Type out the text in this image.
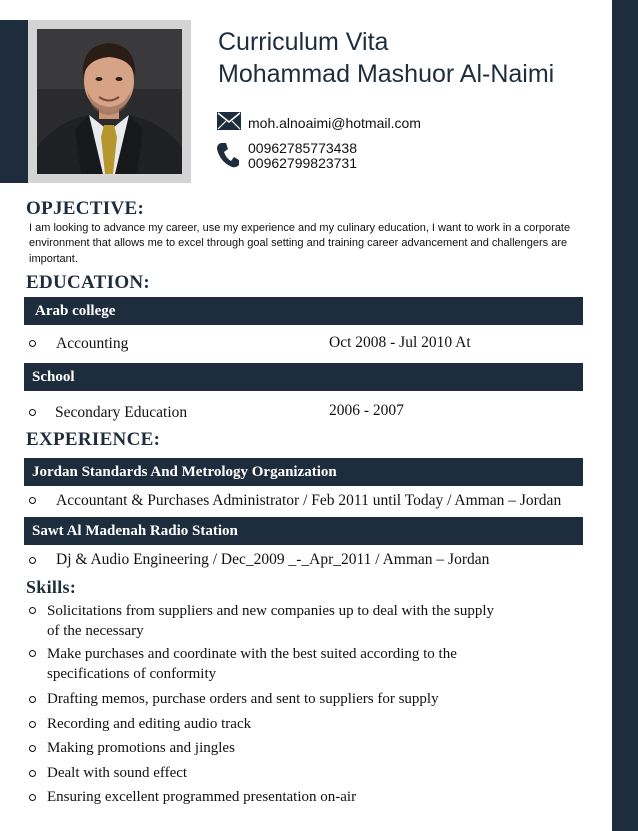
Curriculum Vita
Mohammad Mashuor Al-Naimi
moh.alnoaimi@hotmail.com
00962785773438
00962799823731
OPJECTIVE:
I am looking to advance my career, use my experience and my culinary education, I want to work in a corporate environment that allows me to excel through goal setting and training career advancement and challengers are important.
EDUCATION:
Arab college
Accounting	Oct 2008 - Jul 2010 At
School
Secondary Education	2006 - 2007
EXPERIENCE:
Jordan Standards And Metrology Organization
Accountant & Purchases Administrator / Feb 2011 until Today / Amman – Jordan
Sawt Al Madenah Radio Station
Dj & Audio Engineering / Dec_2009 _-_Apr_2011 / Amman – Jordan
Skills:
Solicitations from suppliers and new companies up to deal with the supply of the necessary
Make purchases and coordinate with the best suited according to the specifications of conformity
Drafting memos, purchase orders and sent to suppliers for supply
Recording and editing audio track
Making promotions and jingles
Dealt with sound effect
Ensuring excellent programmed presentation on-air
